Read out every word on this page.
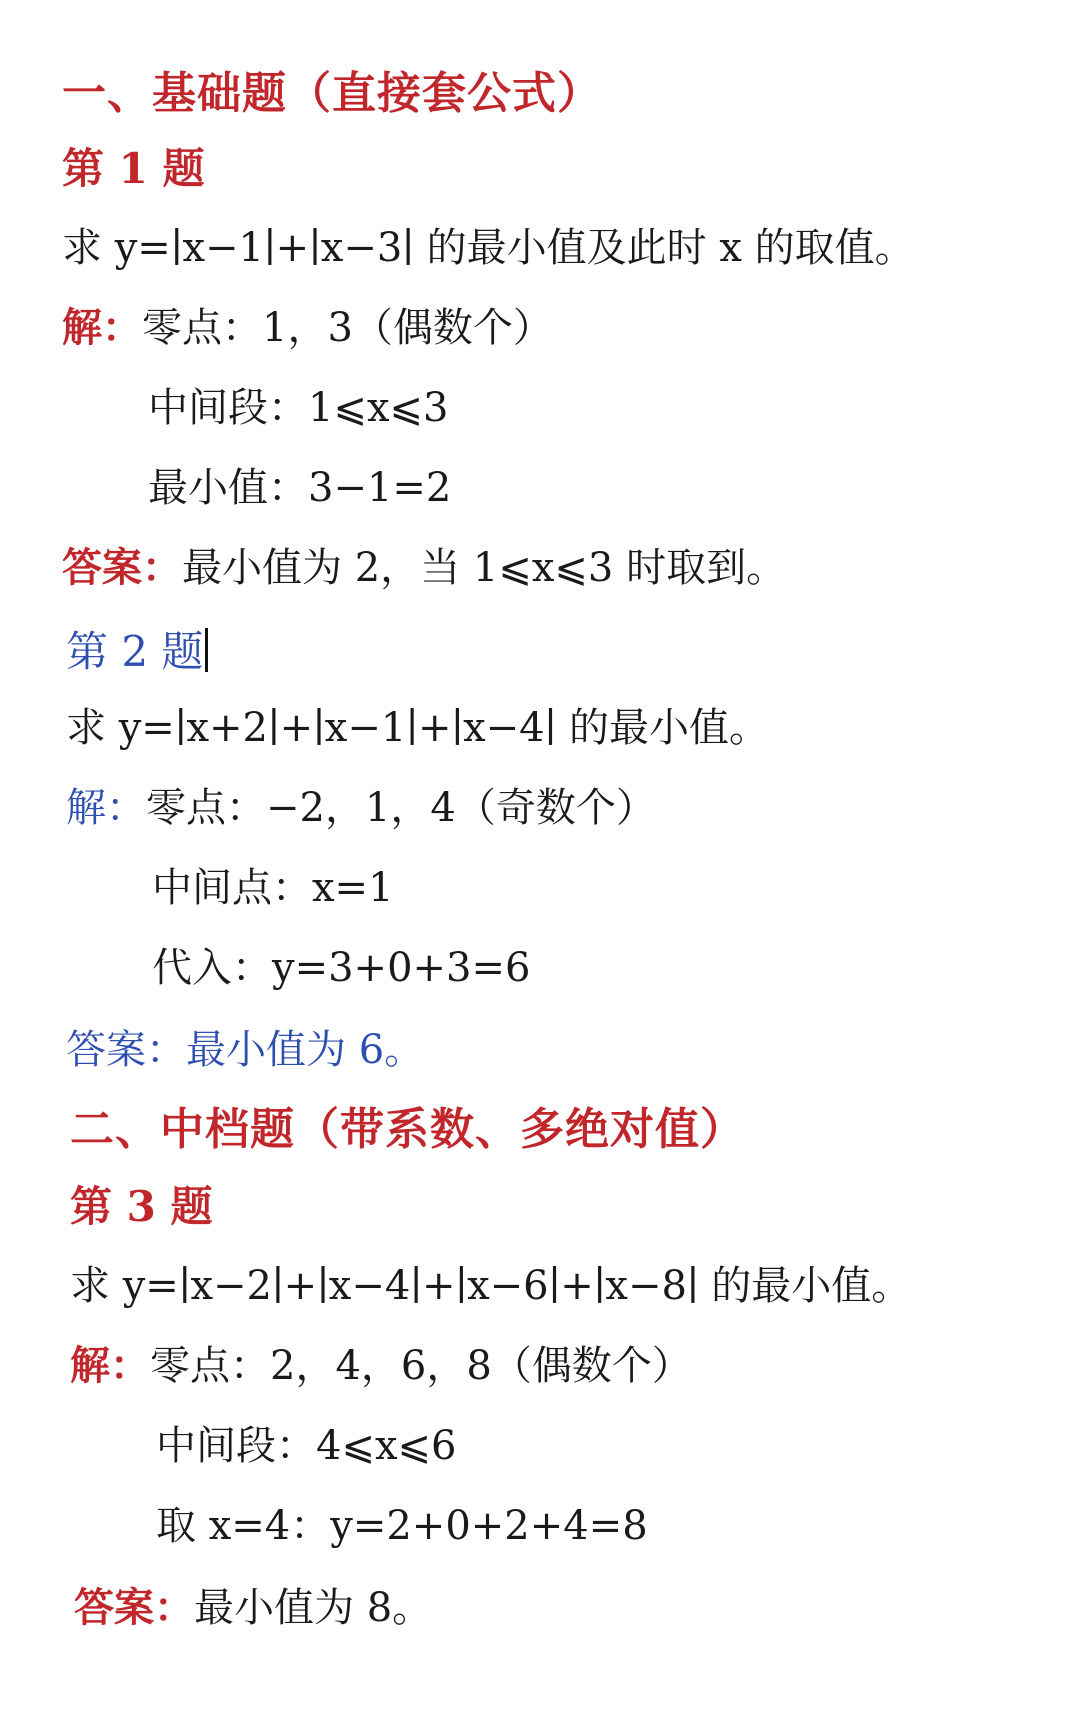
一、基础题（直接套公式）
第 1 题
求 y=∣x−1∣+∣x−3∣ 的最小值及此时 x 的取值。
解：零点：1，3（偶数个）
中间段：1⩽x⩽3
最小值：3−1=2
答案：最小值为 2，当 1⩽x⩽3 时取到。
第 2 题
求 y=∣x+2∣+∣x−1∣+∣x−4∣ 的最小值。
解：零点：−2，1，4（奇数个）
中间点：x=1
代入：y=3+0+3=6
答案：最小值为 6。
二、中档题（带系数、多绝对值）
第 3 题
求 y=∣x−2∣+∣x−4∣+∣x−6∣+∣x−8∣ 的最小值。
解：零点：2，4，6，8（偶数个）
中间段：4⩽x⩽6
取 x=4：y=2+0+2+4=8
答案：最小值为 8。
